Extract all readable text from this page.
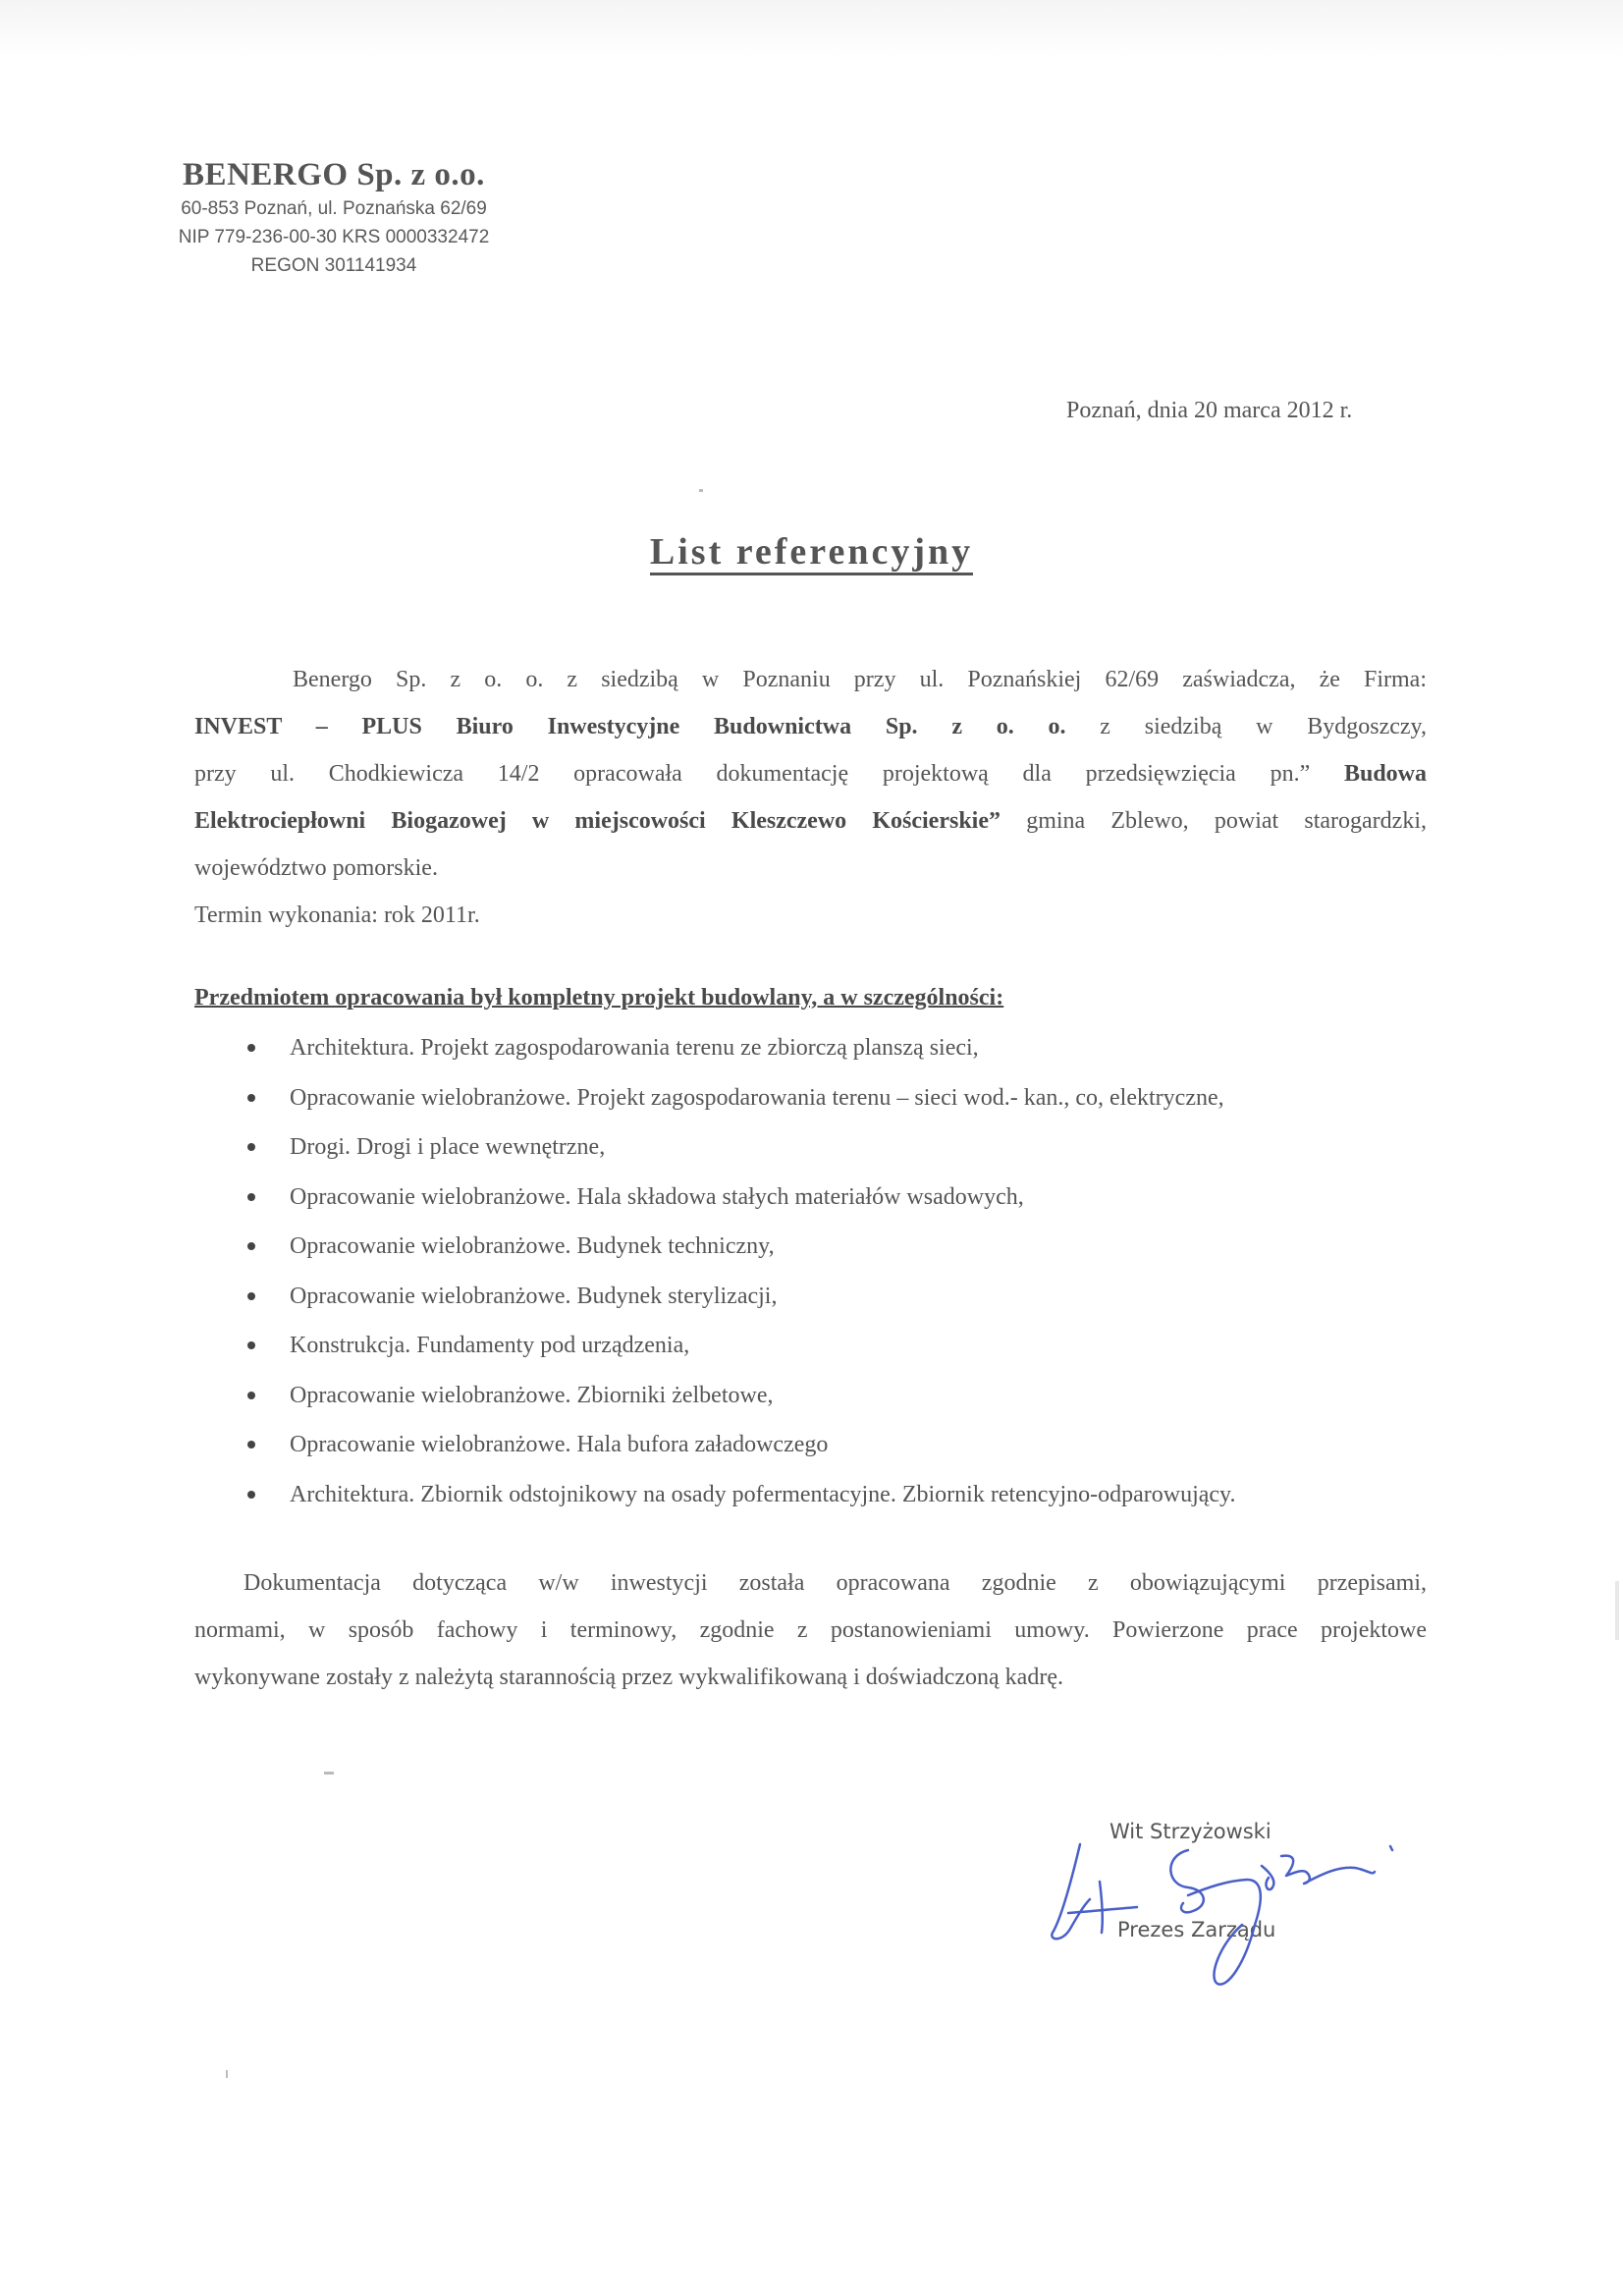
BENERGO Sp. z o.o.
60-853 Poznań, ul. Poznańska 62/69
NIP 779-236-00-30 KRS 0000332472
REGON 301141934
Poznań, dnia 20 marca 2012 r.
List referencyjny
Benergo Sp. z o. o. z siedzibą w Poznaniu przy ul. Poznańskiej 62/69 zaświadcza, że Firma:
INVEST – PLUS Biuro Inwestycyjne Budownictwa Sp. z o. o. z siedzibą w Bydgoszczy,
przy ul. Chodkiewicza 14/2 opracowała dokumentację projektową dla przedsięwzięcia pn.” Budowa
Elektrociepłowni Biogazowej w miejscowości Kleszczewo Kościerskie” gmina Zblewo, powiat starogardzki,
województwo pomorskie.
Termin wykonania: rok 2011r.
Przedmiotem opracowania był kompletny projekt budowlany, a w szczególności:
Architektura. Projekt zagospodarowania terenu ze zbiorczą planszą sieci,
Opracowanie wielobranżowe. Projekt zagospodarowania terenu – sieci wod.- kan., co, elektryczne,
Drogi. Drogi i place wewnętrzne,
Opracowanie wielobranżowe. Hala składowa stałych materiałów wsadowych,
Opracowanie wielobranżowe. Budynek techniczny,
Opracowanie wielobranżowe. Budynek sterylizacji,
Konstrukcja. Fundamenty pod urządzenia,
Opracowanie wielobranżowe. Zbiorniki żelbetowe,
Opracowanie wielobranżowe. Hala bufora załadowczego
Architektura. Zbiornik odstojnikowy na osady pofermentacyjne. Zbiornik retencyjno-odparowujący.
Dokumentacja dotycząca w/w inwestycji została opracowana zgodnie z obowiązującymi przepisami,
normami, w sposób fachowy i terminowy, zgodnie z postanowieniami umowy. Powierzone prace projektowe
wykonywane zostały z należytą starannością przez wykwalifikowaną i doświadczoną kadrę.
Wit Strzyżowski
Prezes Zarządu
